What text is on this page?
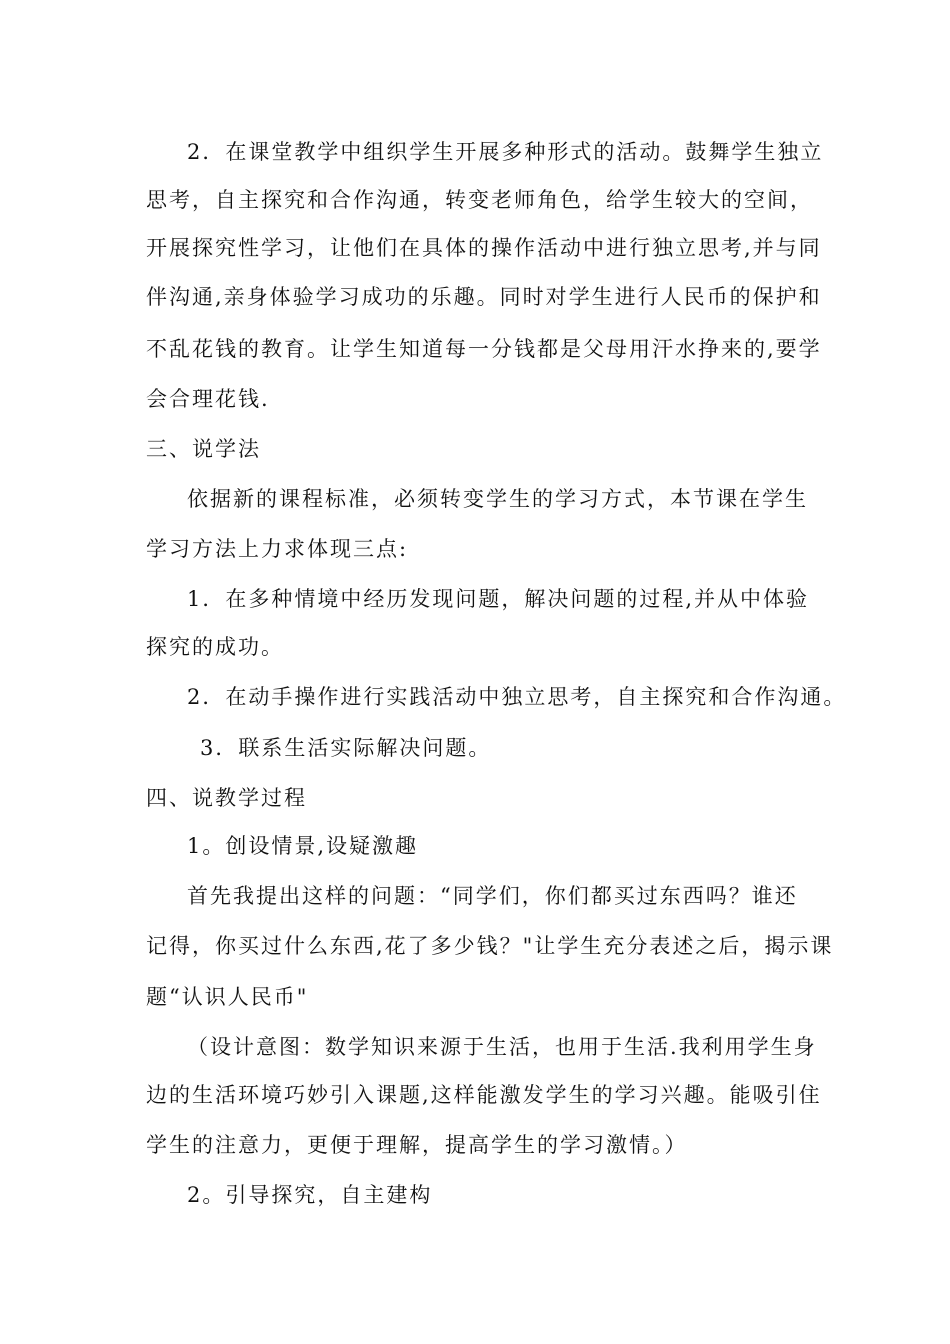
2．在课堂教学中组织学生开展多种形式的活动。鼓舞学生独立
思考，自主探究和合作沟通，转变老师角色，给学生较大的空间，
开展探究性学习，让他们在具体的操作活动中进行独立思考,并与同
伴沟通,亲身体验学习成功的乐趣。同时对学生进行人民币的保护和
不乱花钱的教育。让学生知道每一分钱都是父母用汗水挣来的,要学
会合理花钱.
三、说学法
依据新的课程标准，必须转变学生的学习方式，本节课在学生
学习方法上力求体现三点:
1．在多种情境中经历发现问题，解决问题的过程,并从中体验
探究的成功。
2．在动手操作进行实践活动中独立思考，自主探究和合作沟通。
3．联系生活实际解决问题。
四、说教学过程
1。创设情景,设疑激趣
首先我提出这样的问题：“同学们，你们都买过东西吗？谁还
记得，你买过什么东西,花了多少钱？"让学生充分表述之后，揭示课
题“认识人民币"
（设计意图：数学知识来源于生活，也用于生活.我利用学生身
边的生活环境巧妙引入课题,这样能激发学生的学习兴趣。能吸引住
学生的注意力，更便于理解，提高学生的学习激情。）
2。引导探究，自主建构
